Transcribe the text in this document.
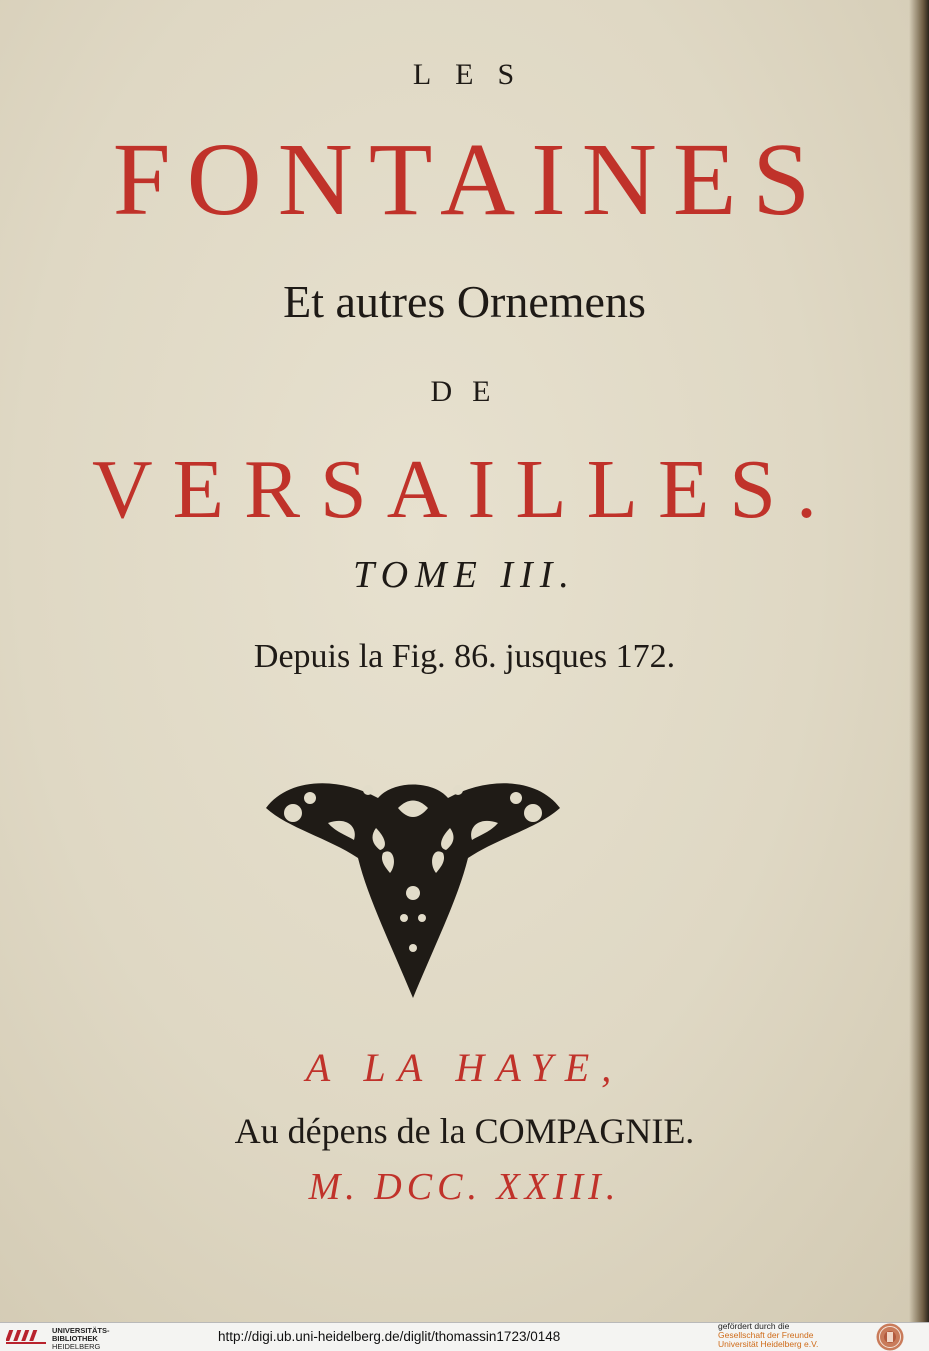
LES
FONTAINES
Et autres Ornemens
DE
VERSAILLES.
TOME III.
Depuis la Fig. 86. jusques 172.
A LA HAYE,
Au dépens de la COMPAGNIE.
M. DCC. XXIII.
UNIVERSITÄTS-
BIBLIOTHEK
HEIDELBERG
http://digi.ub.uni-heidelberg.de/diglit/thomassin1723/0148
gefördert durch die
Gesellschaft der Freunde
Universität Heidelberg e.V.
